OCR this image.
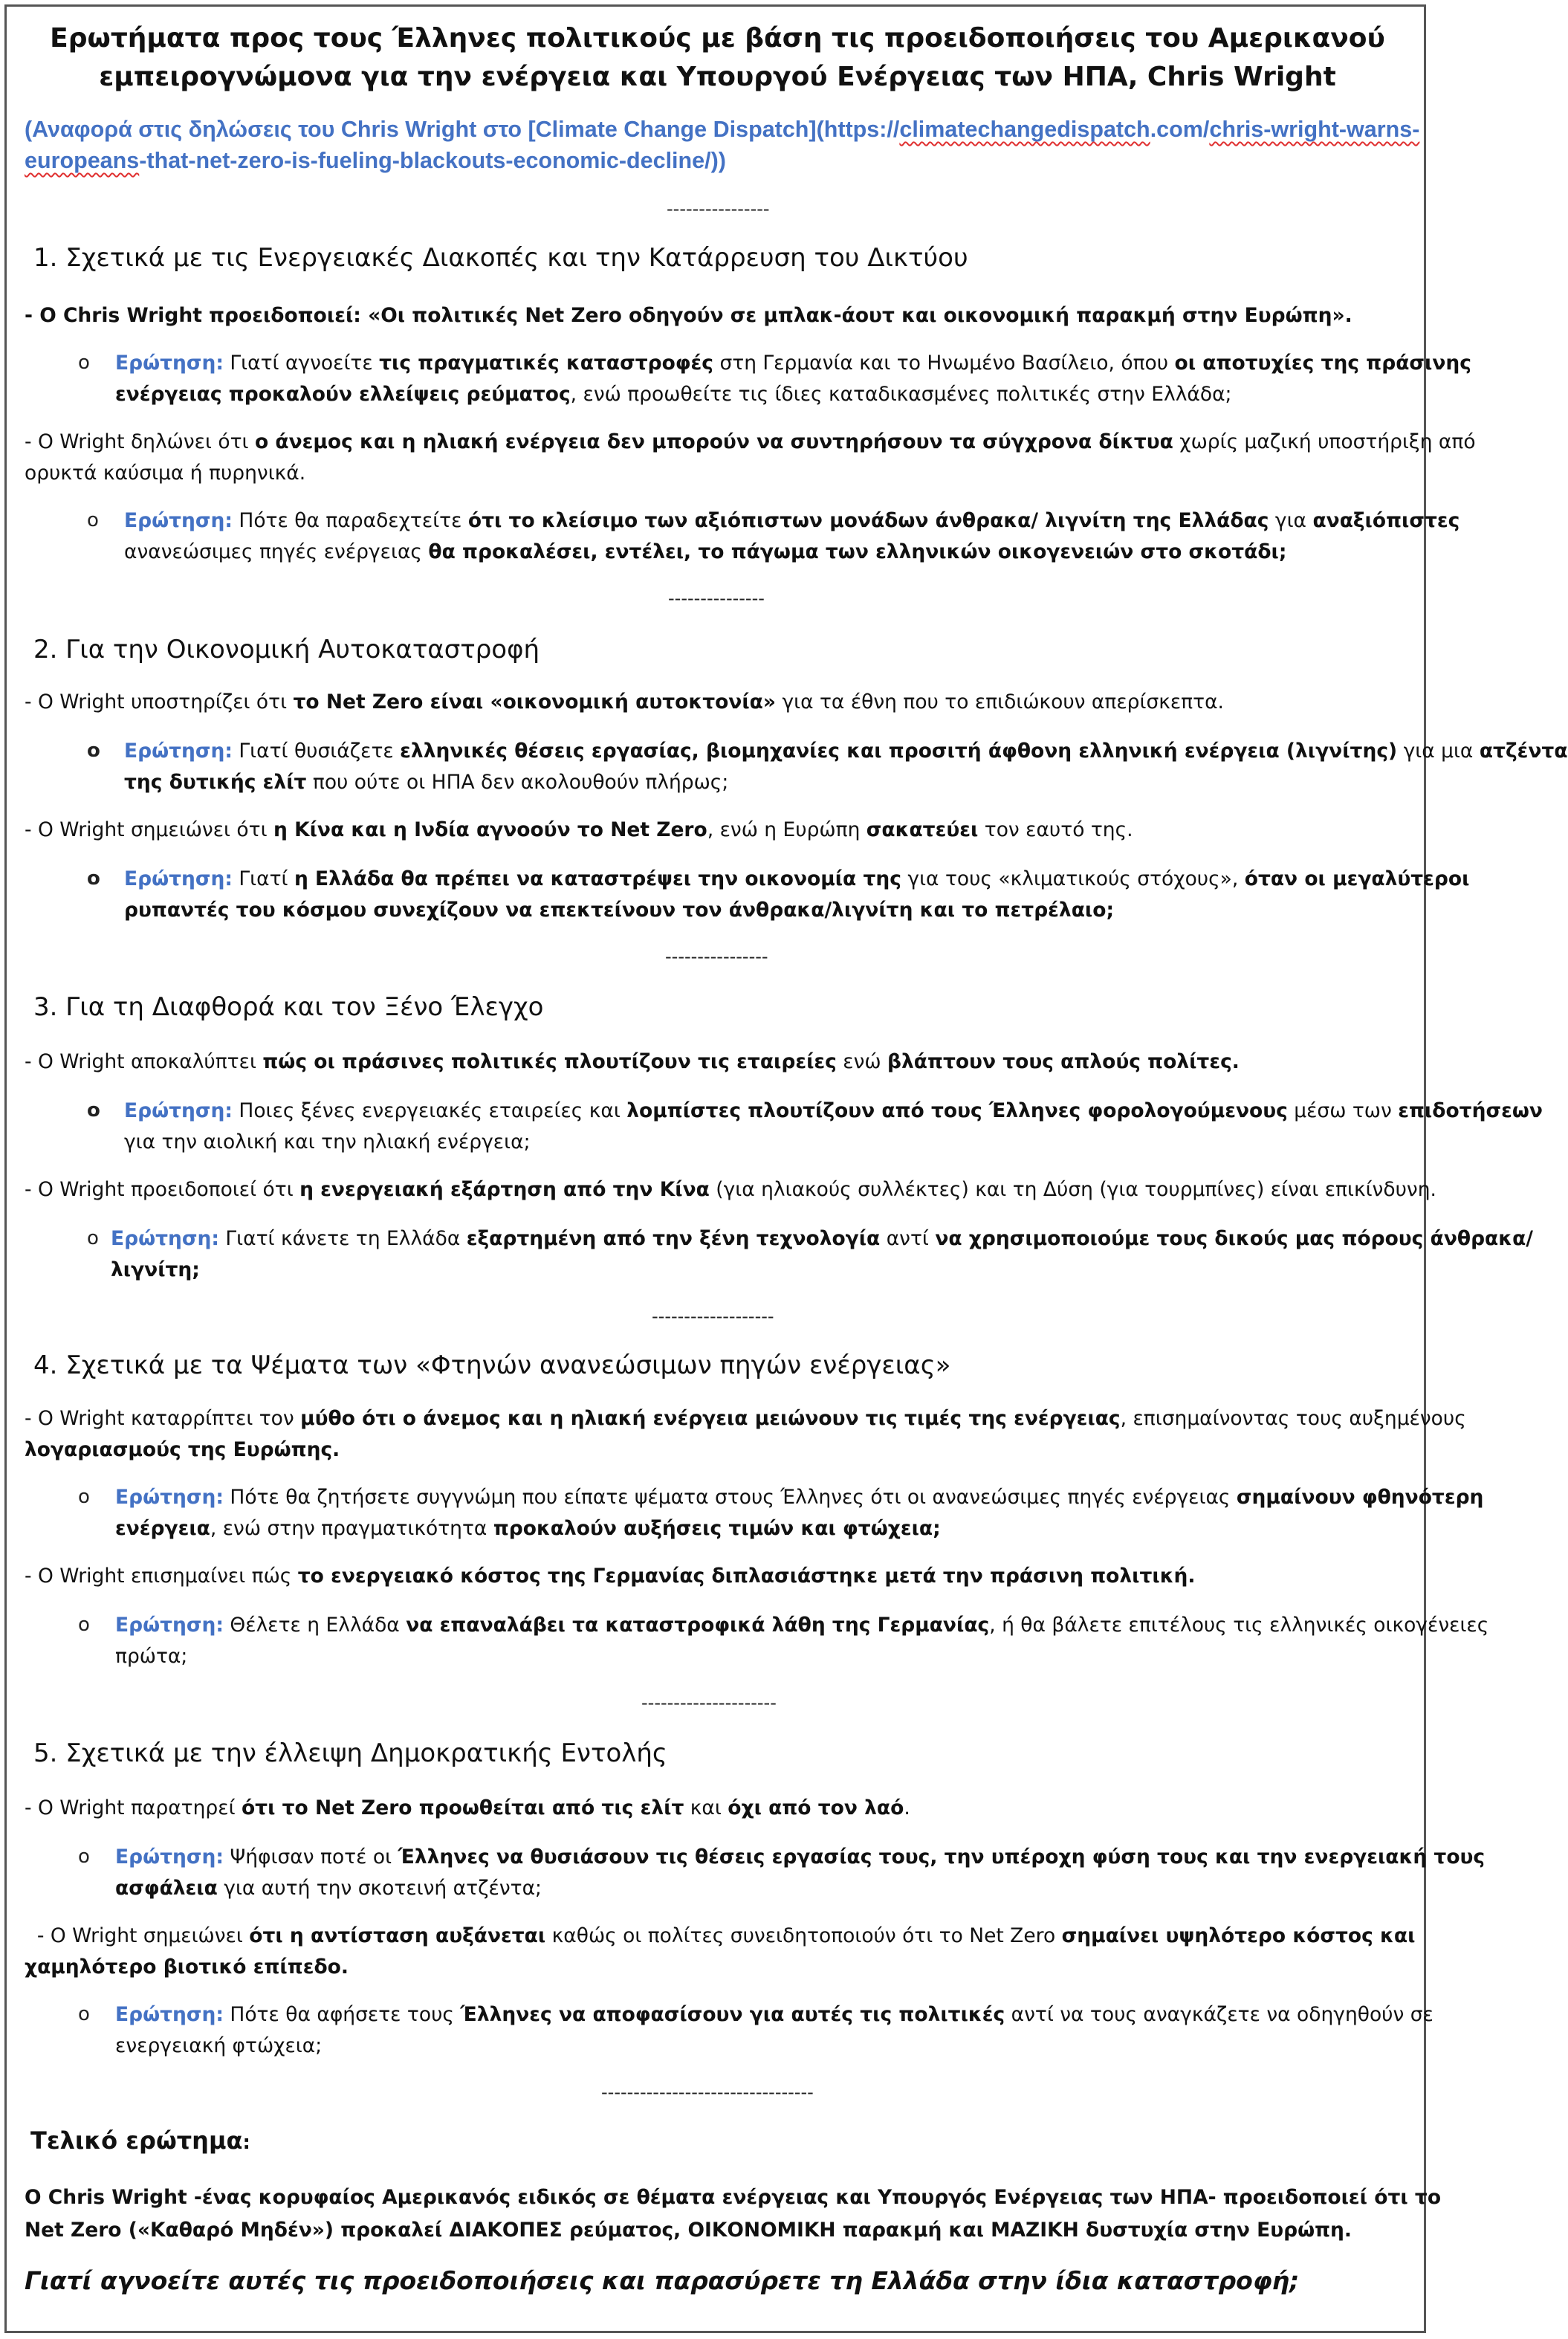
Ερωτήματα προς τους Έλληνες πολιτικούς με βάση τις προειδοποιήσεις του Αμερικανού
εμπειρογνώμονα για την ενέργεια και Υπουργού Ενέργειας των ΗΠΑ, Chris Wright
(Αναφορά στις δηλώσεις του Chris Wright στο [Climate Change Dispatch](https://climatechangedispatch.com/chris-wright-warns-
europeans-that-net-zero-is-fueling-blackouts-economic-decline/))
----------------
1. Σχετικά με τις Ενεργειακές Διακοπές και την Κατάρρευση του Δικτύου
- Ο Chris Wright προειδοποιεί: «Οι πολιτικές Net Zero οδηγούν σε μπλακ-άουτ και οικονομική παρακμή στην Ευρώπη».
o Ερώτηση: Γιατί αγνοείτε τις πραγματικές καταστροφές στη Γερμανία και το Ηνωμένο Βασίλειο, όπου οι αποτυχίες της πράσινης
ενέργειας προκαλούν ελλείψεις ρεύματος, ενώ προωθείτε τις ίδιες καταδικασμένες πολιτικές στην Ελλάδα;
- Ο Wright δηλώνει ότι ο άνεμος και η ηλιακή ενέργεια δεν μπορούν να συντηρήσουν τα σύγχρονα δίκτυα χωρίς μαζική υποστήριξη από
ορυκτά καύσιμα ή πυρηνικά.
o Ερώτηση: Πότε θα παραδεχτείτε ότι το κλείσιμο των αξιόπιστων μονάδων άνθρακα/ λιγνίτη της Ελλάδας για αναξιόπιστες
ανανεώσιμες πηγές ενέργειας θα προκαλέσει, εντέλει, το πάγωμα των ελληνικών οικογενειών στο σκοτάδι;
---------------
2. Για την Οικονομική Αυτοκαταστροφή
- Ο Wright υποστηρίζει ότι το Net Zero είναι «οικονομική αυτοκτονία» για τα έθνη που το επιδιώκουν απερίσκεπτα.
o Ερώτηση: Γιατί θυσιάζετε ελληνικές θέσεις εργασίας, βιομηχανίες και προσιτή άφθονη ελληνική ενέργεια (λιγνίτης) για μια ατζέντα
της δυτικής ελίτ που ούτε οι ΗΠΑ δεν ακολουθούν πλήρως;
- Ο Wright σημειώνει ότι η Κίνα και η Ινδία αγνοούν το Net Zero, ενώ η Ευρώπη σακατεύει τον εαυτό της.
o Ερώτηση: Γιατί η Ελλάδα θα πρέπει να καταστρέψει την οικονομία της για τους «κλιματικούς στόχους», όταν οι μεγαλύτεροι
ρυπαντές του κόσμου συνεχίζουν να επεκτείνουν τον άνθρακα/λιγνίτη και το πετρέλαιο;
----------------
3. Για τη Διαφθορά και τον Ξένο Έλεγχο
- Ο Wright αποκαλύπτει πώς οι πράσινες πολιτικές πλουτίζουν τις εταιρείες ενώ βλάπτουν τους απλούς πολίτες.
o Ερώτηση: Ποιες ξένες ενεργειακές εταιρείες και λομπίστες πλουτίζουν από τους Έλληνες φορολογούμενους μέσω των επιδοτήσεων
για την αιολική και την ηλιακή ενέργεια;
- Ο Wright προειδοποιεί ότι η ενεργειακή εξάρτηση από την Κίνα (για ηλιακούς συλλέκτες) και τη Δύση (για τουρμπίνες) είναι επικίνδυνη.
o Ερώτηση: Γιατί κάνετε τη Ελλάδα εξαρτημένη από την ξένη τεχνολογία αντί να χρησιμοποιούμε τους δικούς μας πόρους άνθρακα/
λιγνίτη;
-------------------
4. Σχετικά με τα Ψέματα των «Φτηνών ανανεώσιμων πηγών ενέργειας»
- Ο Wright καταρρίπτει τον μύθο ότι ο άνεμος και η ηλιακή ενέργεια μειώνουν τις τιμές της ενέργειας, επισημαίνοντας τους αυξημένους
λογαριασμούς της Ευρώπης.
o Ερώτηση: Πότε θα ζητήσετε συγγνώμη που είπατε ψέματα στους Έλληνες ότι οι ανανεώσιμες πηγές ενέργειας σημαίνουν φθηνότερη
ενέργεια, ενώ στην πραγματικότητα προκαλούν αυξήσεις τιμών και φτώχεια;
- Ο Wright επισημαίνει πώς το ενεργειακό κόστος της Γερμανίας διπλασιάστηκε μετά την πράσινη πολιτική.
o Ερώτηση: Θέλετε η Ελλάδα να επαναλάβει τα καταστροφικά λάθη της Γερμανίας, ή θα βάλετε επιτέλους τις ελληνικές οικογένειες
πρώτα;
---------------------
5. Σχετικά με την έλλειψη Δημοκρατικής Εντολής
- Ο Wright παρατηρεί ότι το Net Zero προωθείται από τις ελίτ και όχι από τον λαό.
o Ερώτηση: Ψήφισαν ποτέ οι Έλληνες να θυσιάσουν τις θέσεις εργασίας τους, την υπέροχη φύση τους και την ενεργειακή τους
ασφάλεια για αυτή την σκοτεινή ατζέντα;
- Ο Wright σημειώνει ότι η αντίσταση αυξάνεται καθώς οι πολίτες συνειδητοποιούν ότι το Net Zero σημαίνει υψηλότερο κόστος και
χαμηλότερο βιοτικό επίπεδο.
o Ερώτηση: Πότε θα αφήσετε τους Έλληνες να αποφασίσουν για αυτές τις πολιτικές αντί να τους αναγκάζετε να οδηγηθούν σε
ενεργειακή φτώχεια;
---------------------------------
Τελικό ερώτημα:
O Chris Wright -ένας κορυφαίος Αμερικανός ειδικός σε θέματα ενέργειας και Υπουργός Ενέργειας των ΗΠΑ- προειδοποιεί ότι το
Net Zero («Καθαρό Μηδέν») προκαλεί ΔΙΑΚΟΠΕΣ ρεύματος, ΟΙΚΟΝΟΜΙΚΗ παρακμή και ΜΑΖΙΚΗ δυστυχία στην Ευρώπη.
Γιατί αγνοείτε αυτές τις προειδοποιήσεις και παρασύρετε τη Ελλάδα στην ίδια καταστροφή;
